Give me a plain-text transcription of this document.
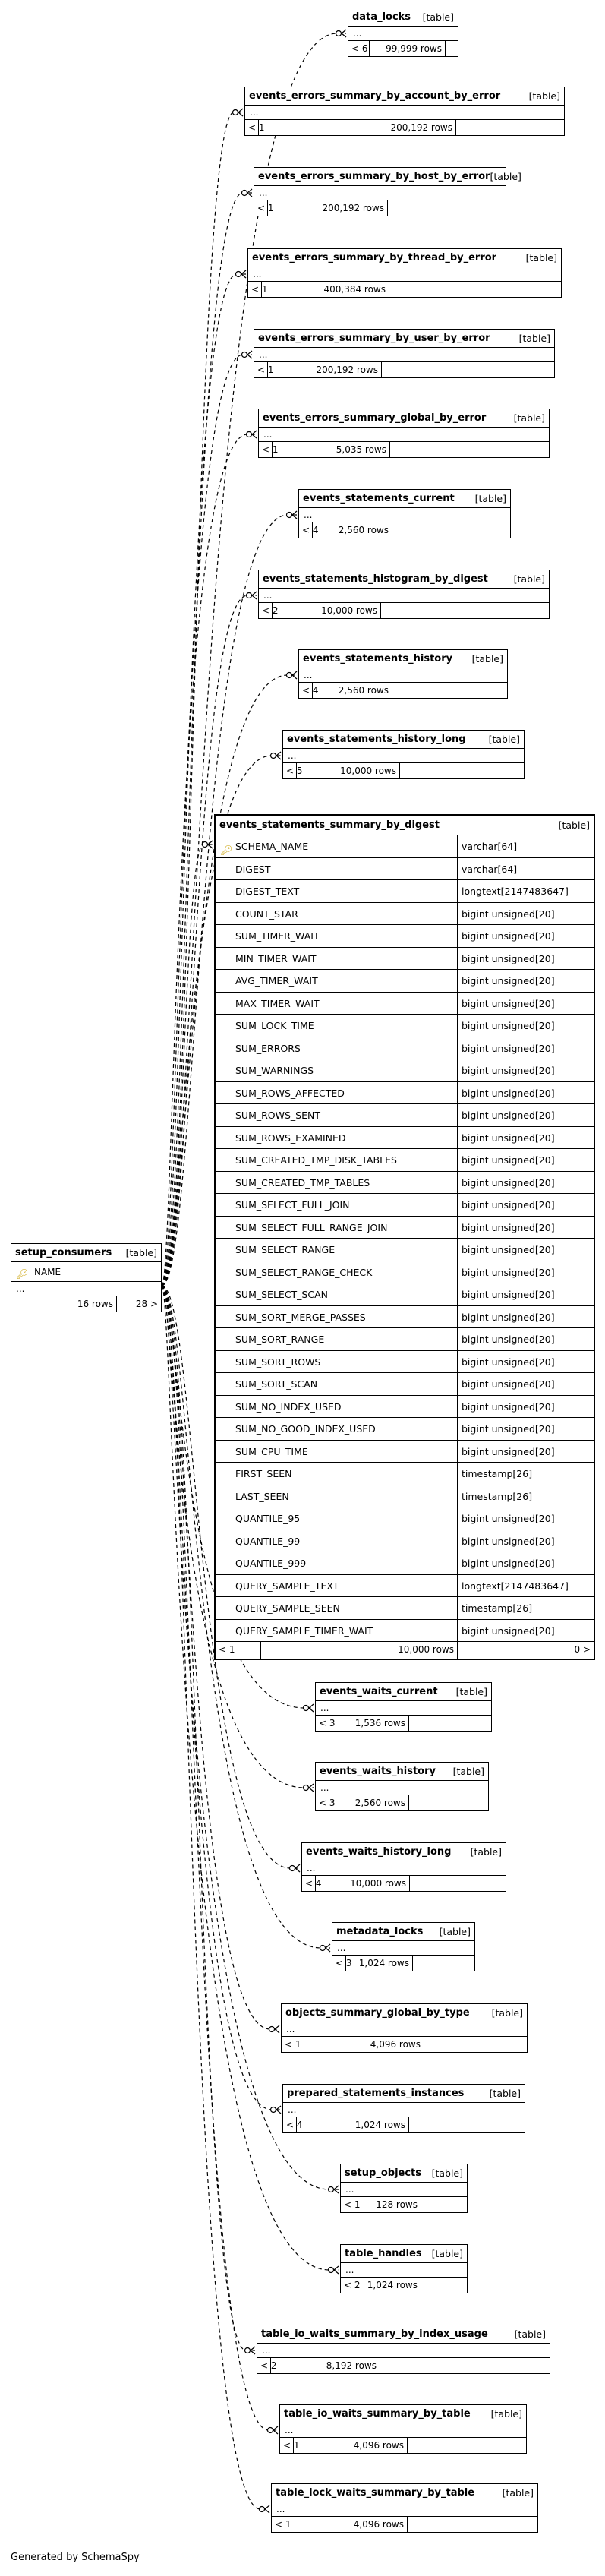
setup_consumers [table]
🔑︎ NAME
...
16 rows	28 >
events_statements_summary_by_digest	[table]
🔑︎ SCHEMA_NAME	varchar[64]
DIGEST	varchar[64]
DIGEST_TEXT	longtext[2147483647]
COUNT_STAR	bigint unsigned[20]
SUM_TIMER_WAIT	bigint unsigned[20]
MIN_TIMER_WAIT	bigint unsigned[20]
AVG_TIMER_WAIT	bigint unsigned[20]
MAX_TIMER_WAIT	bigint unsigned[20]
SUM_LOCK_TIME	bigint unsigned[20]
SUM_ERRORS	bigint unsigned[20]
SUM_WARNINGS	bigint unsigned[20]
SUM_ROWS_AFFECTED	bigint unsigned[20]
SUM_ROWS_SENT	bigint unsigned[20]
SUM_ROWS_EXAMINED	bigint unsigned[20]
SUM_CREATED_TMP_DISK_TABLES	bigint unsigned[20]
SUM_CREATED_TMP_TABLES	bigint unsigned[20]
SUM_SELECT_FULL_JOIN	bigint unsigned[20]
SUM_SELECT_FULL_RANGE_JOIN	bigint unsigned[20]
SUM_SELECT_RANGE	bigint unsigned[20]
SUM_SELECT_RANGE_CHECK	bigint unsigned[20]
SUM_SELECT_SCAN	bigint unsigned[20]
SUM_SORT_MERGE_PASSES	bigint unsigned[20]
SUM_SORT_RANGE	bigint unsigned[20]
SUM_SORT_ROWS	bigint unsigned[20]
SUM_SORT_SCAN	bigint unsigned[20]
SUM_NO_INDEX_USED	bigint unsigned[20]
SUM_NO_GOOD_INDEX_USED	bigint unsigned[20]
SUM_CPU_TIME	bigint unsigned[20]
FIRST_SEEN	timestamp[26]
LAST_SEEN	timestamp[26]
QUANTILE_95	bigint unsigned[20]
QUANTILE_99	bigint unsigned[20]
QUANTILE_999	bigint unsigned[20]
QUERY_SAMPLE_TEXT	longtext[2147483647]
QUERY_SAMPLE_SEEN	timestamp[26]
QUERY_SAMPLE_TIMER_WAIT	bigint unsigned[20]
< 1	10,000 rows	0 >
data_locks [table]
...
< 6	99,999 rows
events_errors_summary_by_account_by_error	[table]
...
< 1	200,192 rows
events_errors_summary_by_host_by_error [table]
...
< 1	200,192 rows
events_errors_summary_by_thread_by_error	[table]
...
< 1	400,384 rows
events_errors_summary_by_user_by_error	[table]
...
< 1	200,192 rows
events_errors_summary_global_by_error	[table]
...
< 1	5,035 rows
events_statements_current [table]
...
< 4	2,560 rows
events_statements_histogram_by_digest	[table]
...
< 2	10,000 rows
events_statements_history [table]
...
< 4	2,560 rows
events_statements_history_long [table]
...
< 5	10,000 rows
events_waits_current [table]
...
< 3	1,536 rows
events_waits_history [table]
...
< 3	2,560 rows
events_waits_history_long [table]
...
< 4	10,000 rows
metadata_locks [table]
...
< 3 1,024 rows
objects_summary_global_by_type [table]
...
< 1	4,096 rows
prepared_statements_instances	[table]
...
< 4	1,024 rows
setup_objects [table]
...
< 1	128 rows
table_handles [table]
...
< 2 1,024 rows
table_io_waits_summary_by_index_usage	[table]
...
< 2	8,192 rows
table_io_waits_summary_by_table [table]
...
< 1	4,096 rows
table_lock_waits_summary_by_table	[table]
...
< 1	4,096 rows
Generated by SchemaSpy
